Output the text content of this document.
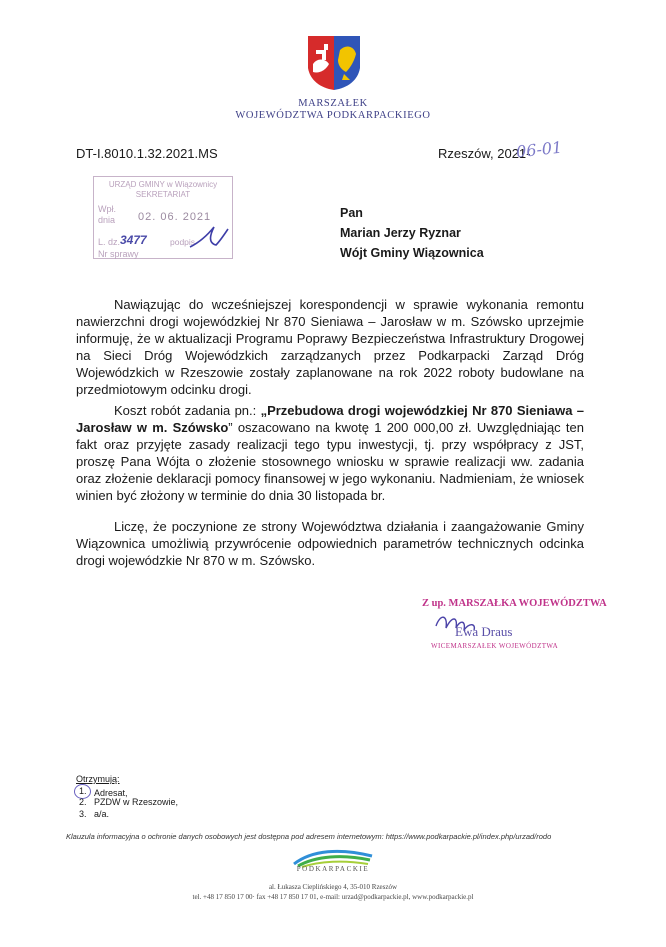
MARSZAŁEK
WOJEWÓDZTWA PODKARPACKIEGO
DT-I.8010.1.32.2021.MS	Rzeszów, 2021-
06-01
URZĄD GMINY w Wiązownicy
SEKRETARIAT
Wpł.
dnia 02. 06. 2021
L. dz. 3477	podpis
Nr sprawy
Pan
Marian Jerzy Ryznar
Wójt Gminy Wiązownica
Nawiązując do wcześniejszej korespondencji w sprawie wykonania remontu nawierzchni drogi wojewódzkiej Nr 870 Sieniawa – Jarosław w m. Szówsko uprzejmie informuję, że w aktualizacji Programu Poprawy Bezpieczeństwa Infrastruktury Drogowej na Sieci Dróg Wojewódzkich zarządzanych przez Podkarpacki Zarząd Dróg Wojewódzkich w Rzeszowie zostały zaplanowane na rok 2022 roboty budowlane na przedmiotowym odcinku drogi.
Koszt robót zadania pn.: „Przebudowa drogi wojewódzkiej Nr 870 Sieniawa – Jarosław w m. Szówsko” oszacowano na kwotę 1 200 000,00 zł. Uwzględniając ten fakt oraz przyjęte zasady realizacji tego typu inwestycji, tj. przy współpracy z JST, proszę Pana Wójta o złożenie stosownego wniosku w sprawie realizacji ww. zadania oraz złożenie deklaracji pomocy finansowej w jego wykonaniu. Nadmieniam, że wniosek winien być złożony w terminie do dnia 30 listopada br.
Liczę, że poczynione ze strony Województwa działania i zaangażowanie Gminy Wiązownica umożliwią przywrócenie odpowiednich parametrów technicznych odcinka drogi wojewódzkie Nr 870 w m. Szówsko.
Z up. MARSZAŁKA WOJEWÓDZTWA
Ewa Draus
WICEMARSZAŁEK WOJEWÓDZTWA
Otrzymują:
1. Adresat,
2. PZDW w Rzeszowie,
3. a/a.
Klauzula informacyjna o ochronie danych osobowych jest dostępna pod adresem internetowym: https://www.podkarpackie.pl/index.php/urzad/rodo
PODKARPACKIE
al. Łukasza Cieplińskiego 4, 35-010 Rzeszów
tel. +48 17 850 17 00· fax +48 17 850 17 01, e-mail: urzad@podkarpackie.pl, www.podkarpackie.pl
